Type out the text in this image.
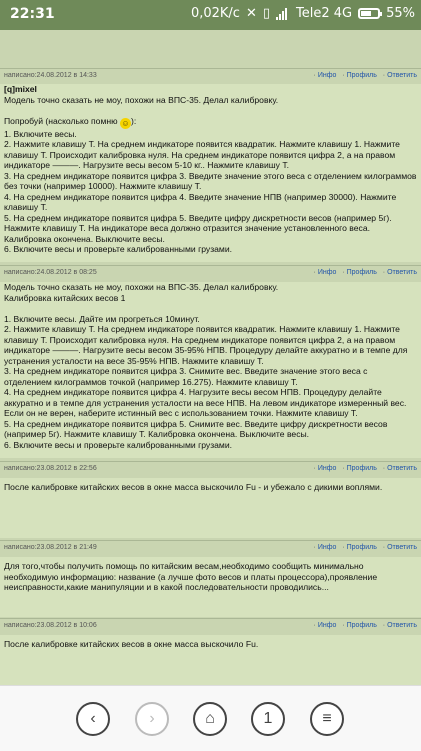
22:31	0,02K/c ✕ ▯ Tele2 4G	55%
написано:24.08.2012 в 14:33	· Инфо · Профиль · Ответить
[q]mixel
Модель точно сказать не моу, похожи на ВПС-35. Делал калибровку.

Попробуй (насколько помню ☺):
1. Включите весы.
2. Нажмите клавишу Т. На среднем индикаторе появится квадратик. Нажмите клавишу 1. Нажмите клавишу Т. Происходит калибровка нуля. На среднем индикаторе появится цифра 2, а на правом индикаторе ———. Нагрузите весы весом 5-10 кг.. Нажмите клавишу Т.
3. На среднем индикаторе появится цифра 3. Введите значение этого веса с отделением килограммов без точки (например 10000). Нажмите клавишу Т.
4. На среднем индикаторе появится цифра 4. Введите значение НПВ (например 30000). Нажмите клавишу Т.
5. На среднем индикаторе появится цифра 5. Введите цифру дискретности весов (например 5г). Нажмите клавишу Т. На индикаторе веса должно отразится значение установленного веса. Калибровка окончена. Выключите весы.
6. Включите весы и проверьте калиброванными грузами.
написано:24.08.2012 в 08:25	· Инфо · Профиль · Ответить
Модель точно сказать не моу, похожи на ВПС-35. Делал калибровку.
Калибровка китайских весов 1

1. Включите весы. Дайте им прогреться 10минут.
2. Нажмите клавишу Т. На среднем индикаторе появится квадратик. Нажмите клавишу 1. Нажмите клавишу Т. Происходит калибровка нуля. На среднем индикаторе появится цифра 2, а на правом индикаторе ———. Нагрузите весы весом 35-95% НПВ. Процедуру делайте аккуратно и в темпе для устранения усталости на весе 35-95% НПВ. Нажмите клавишу Т.
3. На среднем индикаторе появится цифра 3. Снимите вес. Введите значение этого веса с отделением килограммов точкой (например 16.275). Нажмите клавишу Т.
4. На среднем индикаторе появится цифра 4. Нагрузите весы весом НПВ. Процедуру делайте аккуратно и в темпе для устранения усталости на весе НПВ. На левом индикаторе измеренный вес. Если он не верен, наберите истинный вес с использованием точки. Нажмите клавишу Т.
5. На среднем индикаторе появится цифра 5. Снимите вес. Введите цифру дискретности весов (например 5г). Нажмите клавишу Т. Калибровка окончена. Выключите весы.
6. Включите весы и проверьте калиброванными грузами.
написано:23.08.2012 в 22:56	· Инфо · Профиль · Ответить
После калибровке китайских весов в окне масса выскочило Fu - и убежало с дикими воплями.
написано:23.08.2012 в 21:49	· Инфо · Профиль · Ответить
Для того,чтобы получить помощь по китайским весам,необходимо сообщить минимально необходимую информацию: название (а лучше фото весов и платы процессора),проявление неисправности,какие манипуляции и в какой последовательности проводились...
написано:23.08.2012 в 10:06	· Инфо · Профиль · Ответить
После калибровке китайских весов в окне масса выскочило Fu.
‹	›	⌂	1	≡
